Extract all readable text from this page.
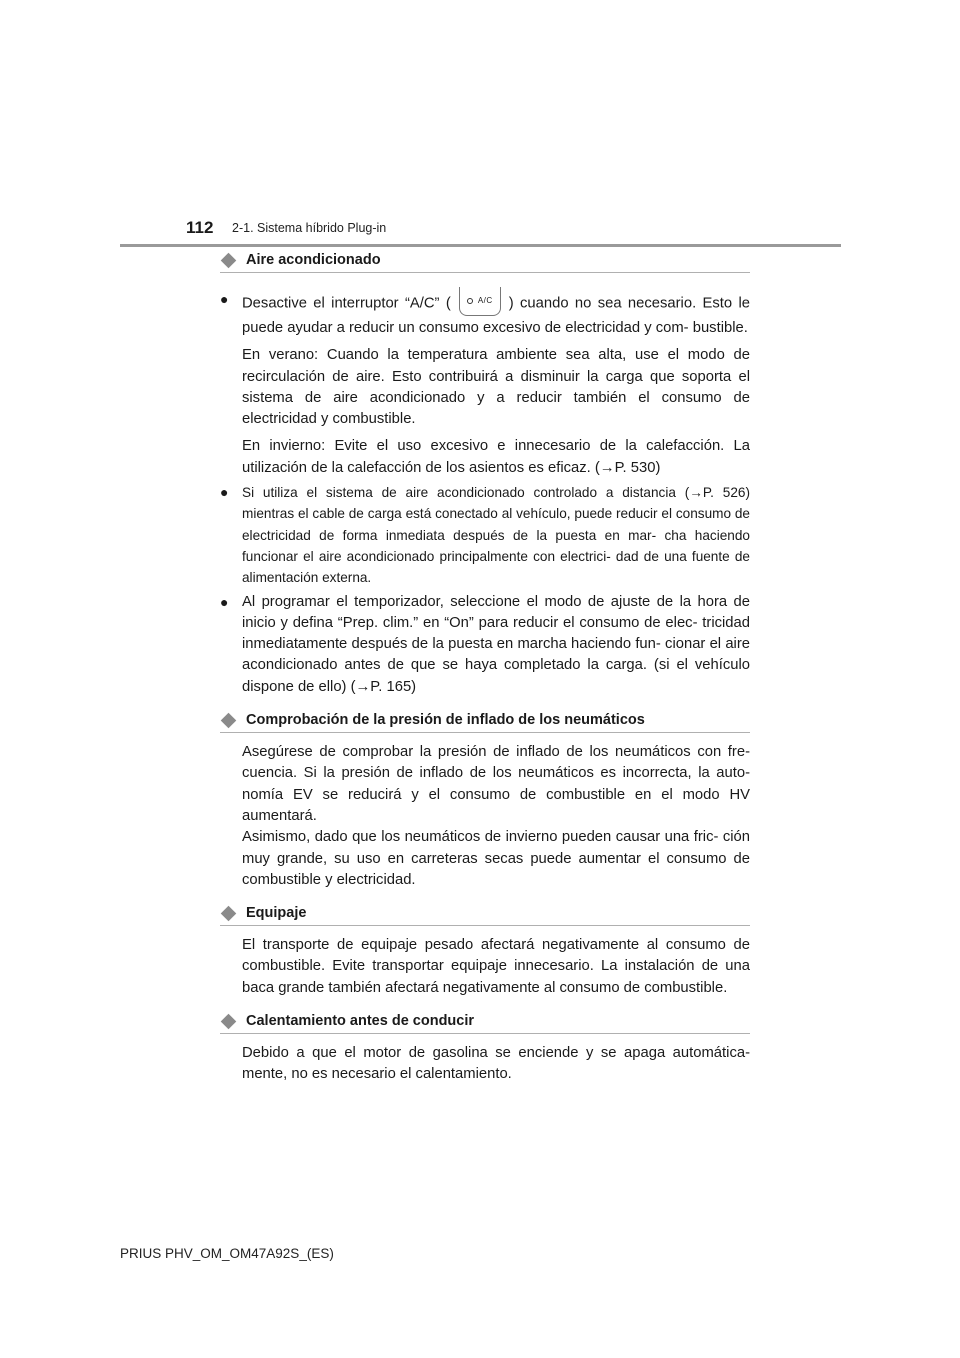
112 2-1. Sistema híbrido Plug-in
Aire acondicionado
● Desactive el interruptor “A/C” (	A/C ) cuando no sea necesario. Esto le puede ayudar a reducir un consumo excesivo de electricidad y com- bustible.
En verano: Cuando la temperatura ambiente sea alta, use el modo de recirculación de aire. Esto contribuirá a disminuir la carga que soporta el sistema de aire acondicionado y a reducir también el consumo de electricidad y combustible.
En invierno: Evite el uso excesivo e innecesario de la calefacción. La utilización de la calefacción de los asientos es eficaz. (→P. 530)
● Si utiliza el sistema de aire acondicionado controlado a distancia (→P. 526) mientras el cable de carga está conectado al vehículo, puede reducir el consumo de electricidad de forma inmediata después de la puesta en mar- cha haciendo funcionar el aire acondicionado principalmente con electrici- dad de una fuente de alimentación externa.
● Al programar el temporizador, seleccione el modo de ajuste de la hora de inicio y defina “Prep. clim.” en “On” para reducir el consumo de elec- tricidad inmediatamente después de la puesta en marcha haciendo fun- cionar el aire acondicionado antes de que se haya completado la carga. (si el vehículo dispone de ello) (→P. 165)
Comprobación de la presión de inflado de los neumáticos
Asegúrese de comprobar la presión de inflado de los neumáticos con fre- cuencia. Si la presión de inflado de los neumáticos es incorrecta, la auto- nomía EV se reducirá y el consumo de combustible en el modo HV aumentará.
Asimismo, dado que los neumáticos de invierno pueden causar una fric- ción muy grande, su uso en carreteras secas puede aumentar el consumo de combustible y electricidad.
Equipaje
El transporte de equipaje pesado afectará negativamente al consumo de combustible. Evite transportar equipaje innecesario. La instalación de una baca grande también afectará negativamente al consumo de combustible.
Calentamiento antes de conducir
Debido a que el motor de gasolina se enciende y se apaga automática- mente, no es necesario el calentamiento.
PRIUS PHV_OM_OM47A92S_(ES)
